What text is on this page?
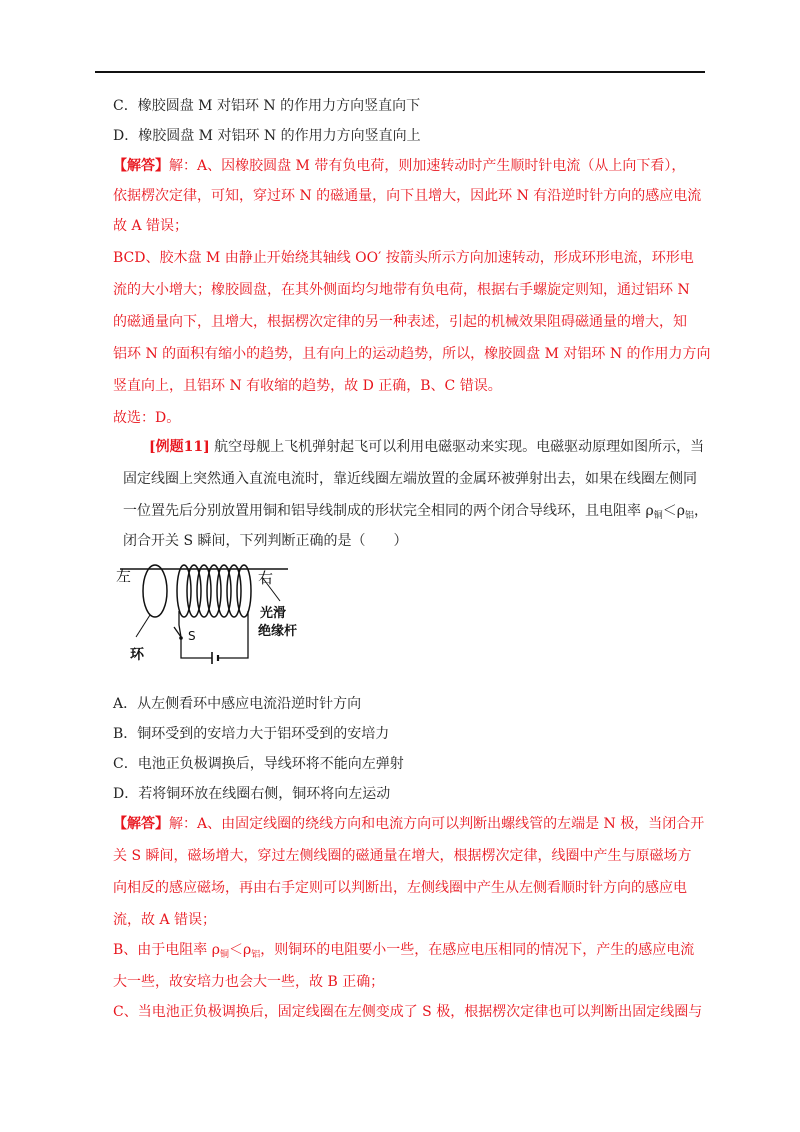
C．橡胶圆盘 M 对铝环 N 的作用力方向竖直向下
D．橡胶圆盘 M 对铝环 N 的作用力方向竖直向上
【解答】解：A、因橡胶圆盘 M 带有负电荷，则加速转动时产生顺时针电流（从上向下看），
依据楞次定律，可知，穿过环 N 的磁通量，向下且增大，因此环 N 有沿逆时针方向的感应电流
故 A 错误；
BCD、胶木盘 M 由静止开始绕其轴线 OO′ 按箭头所示方向加速转动，形成环形电流，环形电
流的大小增大；橡胶圆盘，在其外侧面均匀地带有负电荷，根据右手螺旋定则知，通过铝环 N
的磁通量向下，且增大，根据楞次定律的另一种表述，引起的机械效果阻碍磁通量的增大，知
铝环 N 的面积有缩小的趋势，且有向上的运动趋势，所以，橡胶圆盘 M 对铝环 N 的作用力方向
竖直向上，且铝环 N 有收缩的趋势，故 D 正确，B、C 错误。
故选：D。
[例题11] 航空母舰上飞机弹射起飞可以利用电磁驱动来实现。电磁驱动原理如图所示，当
固定线圈上突然通入直流电流时，靠近线圈左端放置的金属环被弹射出去，如果在线圈左侧同
一位置先后分别放置用铜和铝导线制成的形状完全相同的两个闭合导线环，且电阻率 $\rho_铜<\rho_铝$，
闭合开关 S 瞬间，下列判断正确的是（　　）
左	右
光滑
绝缘杆
S
环
A．从左侧看环中感应电流沿逆时针方向
B．铜环受到的安培力大于铝环受到的安培力
C．电池正负极调换后，导线环将不能向左弹射
D．若将铜环放在线圈右侧，铜环将向左运动
【解答】解：A、由固定线圈的绕线方向和电流方向可以判断出螺线管的左端是 N 极，当闭合开
关 S 瞬间，磁场增大，穿过左侧线圈的磁通量在增大，根据楞次定律，线圈中产生与原磁场方
向相反的感应磁场，再由右手定则可以判断出，左侧线圈中产生从左侧看顺时针方向的感应电
流，故 A 错误；
B、由于电阻率 $\rho_铜<\rho_铝$，则铜环的电阻要小一些，在感应电压相同的情况下，产生的感应电流
大一些，故安培力也会大一些，故 B 正确；
C、当电池正负极调换后，固定线圈在左侧变成了 S 极，根据楞次定律也可以判断出固定线圈与
